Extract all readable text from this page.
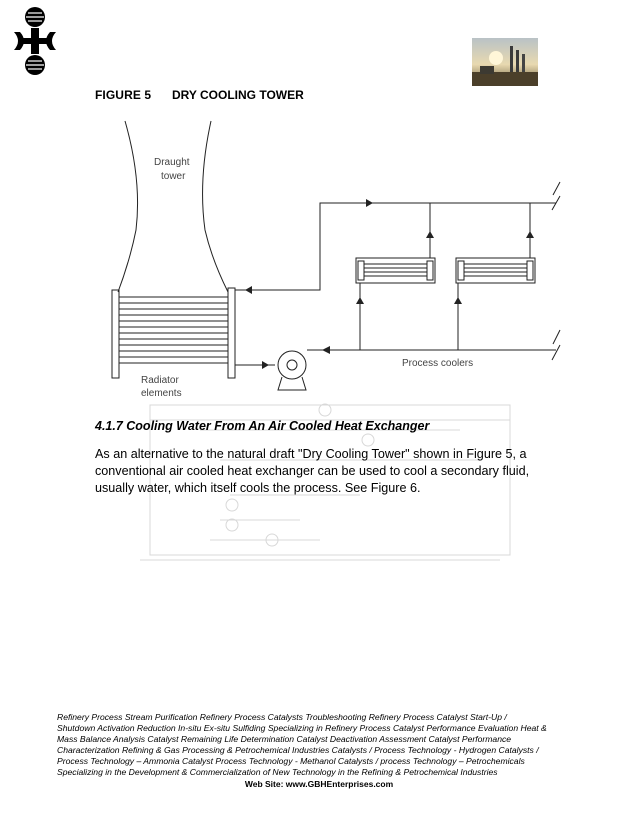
FIGURE 5 DRY COOLING TOWER
Draught
tower
Radiator
elements
Process coolers
4.1.7 Cooling Water From An Air Cooled Heat Exchanger
As an alternative to the natural draft "Dry Cooling Tower" shown in Figure 5, a conventional air cooled heat exchanger can be used to cool a secondary fluid, usually water, which itself cools the process. See Figure 6.
Refinery Process Stream Purification Refinery Process Catalysts Troubleshooting Refinery Process Catalyst Start-Up / Shutdown Activation Reduction In-situ Ex-situ Sulfiding Specializing in Refinery Process Catalyst Performance Evaluation Heat & Mass Balance Analysis Catalyst Remaining Life Determination Catalyst Deactivation Assessment Catalyst Performance Characterization Refining & Gas Processing & Petrochemical Industries Catalysts / Process Technology - Hydrogen Catalysts / Process Technology – Ammonia Catalyst Process Technology - Methanol Catalysts / process Technology – Petrochemicals Specializing in the Development & Commercialization of New Technology in the Refining & Petrochemical Industries
Web Site: www.GBHEnterprises.com
